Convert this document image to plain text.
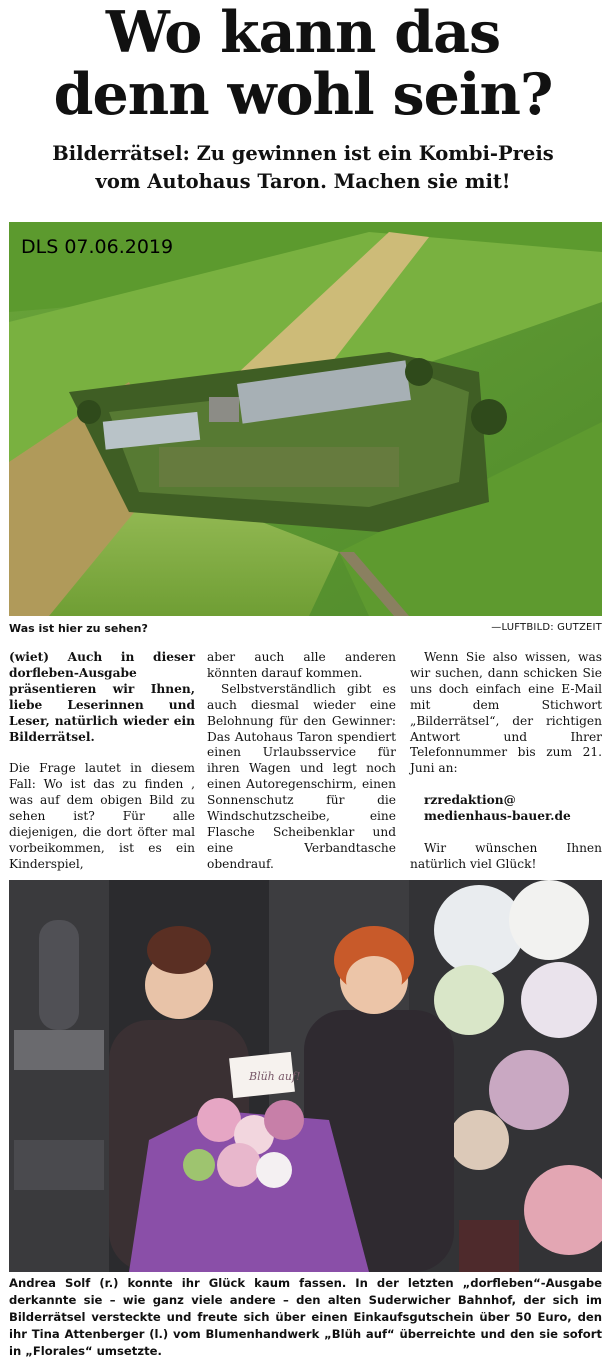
Wo kann das
denn wohl sein?
Bilderrätsel: Zu gewinnen ist ein Kombi-Preis
vom Autohaus Taron. Machen sie mit!
DLS 07.06.2019
Was ist hier zu sehen?	—LUFTBILD: GUTZEIT

(wiet) Auch in dieser dorfleben-Ausgabe präsentieren wir Ihnen, liebe Leserinnen und Leser, natürlich wieder ein Bilderrätsel.

Die Frage lautet in diesem Fall: Wo ist das zu finden , was auf dem obigen Bild zu sehen ist? Für alle diejenigen, die dort öfter mal vorbeikommen, ist es ein Kinderspiel,

aber auch alle anderen könnten darauf kommen.

Selbstverständlich gibt es auch diesmal wieder eine Belohnung für den Gewinner: Das Autohaus Taron spendiert einen Urlaubsservice für ihren Wagen und legt noch einen Autoregenschirm, einen Sonnenschutz für die Windschutzscheibe, eine Flasche Scheibenklar und eine Verbandtasche obendrauf.

Wenn Sie also wissen, was wir suchen, dann schicken Sie uns doch einfach eine E-Mail mit dem Stichwort „Bilderrätsel“, der richtigen Antwort und Ihrer Telefonnummer bis zum 21. Juni an:

rzredaktion@
medienhaus-bauer.de

Wir wünschen Ihnen natürlich viel Glück!

Blüh auf!

Andrea Solf (r.) konnte ihr Glück kaum fassen. In der letzten „dorfleben“-Ausgabe derkannte sie – wie ganz viele andere – den alten Suderwicher Bahnhof, der sich im Bilderrätsel versteckte und freute sich über einen Einkaufsgutschein über 50 Euro, den ihr Tina Attenberger (l.) vom Blumenhandwerk „Blüh auf“ überreichte und den sie sofort in „Florales“ umsetzte.
